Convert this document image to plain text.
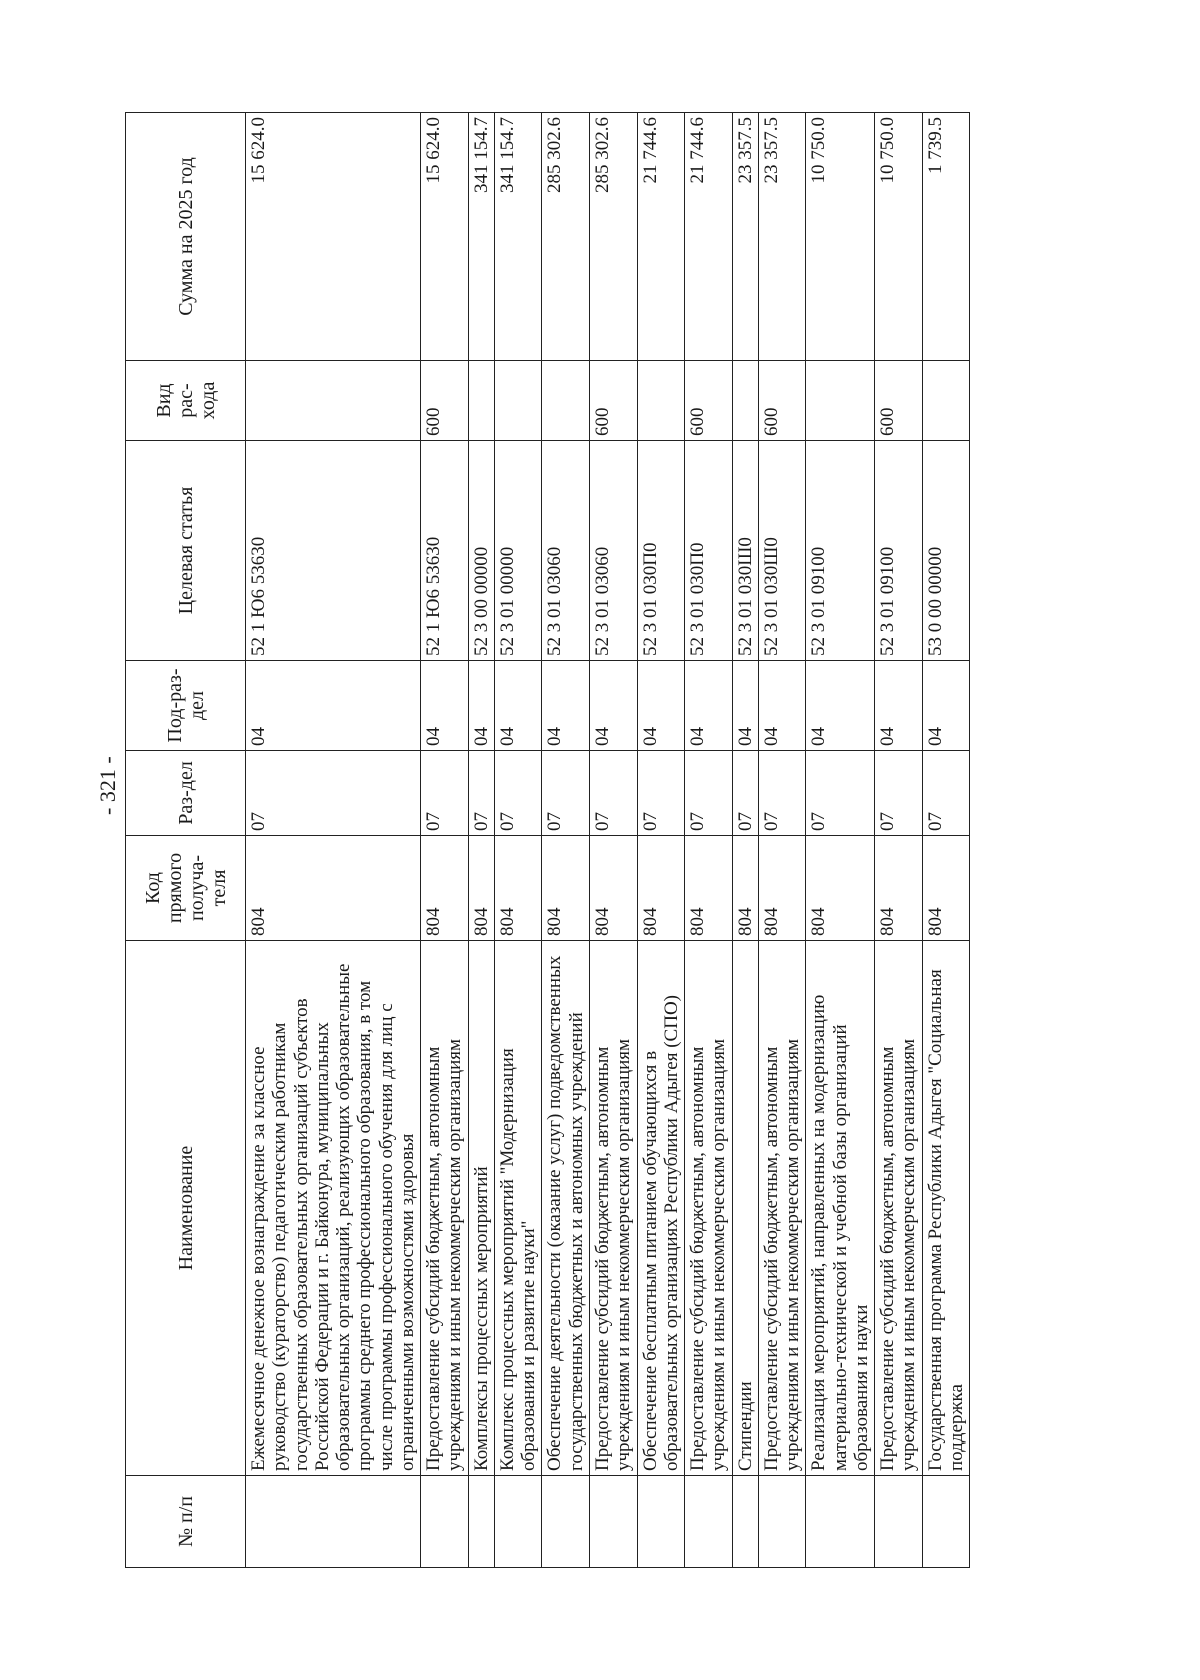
- 321 -
№ п/п	Наименование	Код прямого получа-теля	Раз-дел	Под-раз-дел	Целевая статья	Вид рас-хода	Сумма на 2025 год
	Ежемесячное денежное вознаграждение за классное руководство (кураторство) педагогическим работникам государственных образовательных организаций субъектов Российской Федерации и г. Байконура, муниципальных образовательных организаций, реализующих образовательные программы среднего профессионального образования, в том числе программы профессионального обучения для лиц с ограниченными возможностями здоровья	804	07	04	52 1 Ю6 53630		15 624.0
	Предоставление субсидий бюджетным, автономным учреждениям и иным некоммерческим организациям	804	07	04	52 1 Ю6 53630	600	15 624.0
	Комплексы процессных мероприятий	804	07	04	52 3 00 00000		341 154.7
	Комплекс процессных мероприятий "Модернизация образования и развитие науки"	804	07	04	52 3 01 00000		341 154.7
	Обеспечение деятельности (оказание услуг) подведомственных государственных бюджетных и автономных учреждений	804	07	04	52 3 01 03060		285 302.6
	Предоставление субсидий бюджетным, автономным учреждениям и иным некоммерческим организациям	804	07	04	52 3 01 03060	600	285 302.6
	Обеспечение бесплатным питанием обучающихся в образовательных организациях Республики Адыгея (СПО)	804	07	04	52 3 01 030П0		21 744.6
	Предоставление субсидий бюджетным, автономным учреждениям и иным некоммерческим организациям	804	07	04	52 3 01 030П0	600	21 744.6
	Стипендии	804	07	04	52 3 01 030Ш0		23 357.5
	Предоставление субсидий бюджетным, автономным учреждениям и иным некоммерческим организациям	804	07	04	52 3 01 030Ш0	600	23 357.5
	Реализация мероприятий, направленных на модернизацию материально-технической и учебной базы организаций образования и науки	804	07	04	52 3 01 09100		10 750.0
	Предоставление субсидий бюджетным, автономным учреждениям и иным некоммерческим организациям	804	07	04	52 3 01 09100	600	10 750.0
	Государственная программа Республики Адыгея "Социальная поддержка	804	07	04	53 0 00 00000		1 739.5
